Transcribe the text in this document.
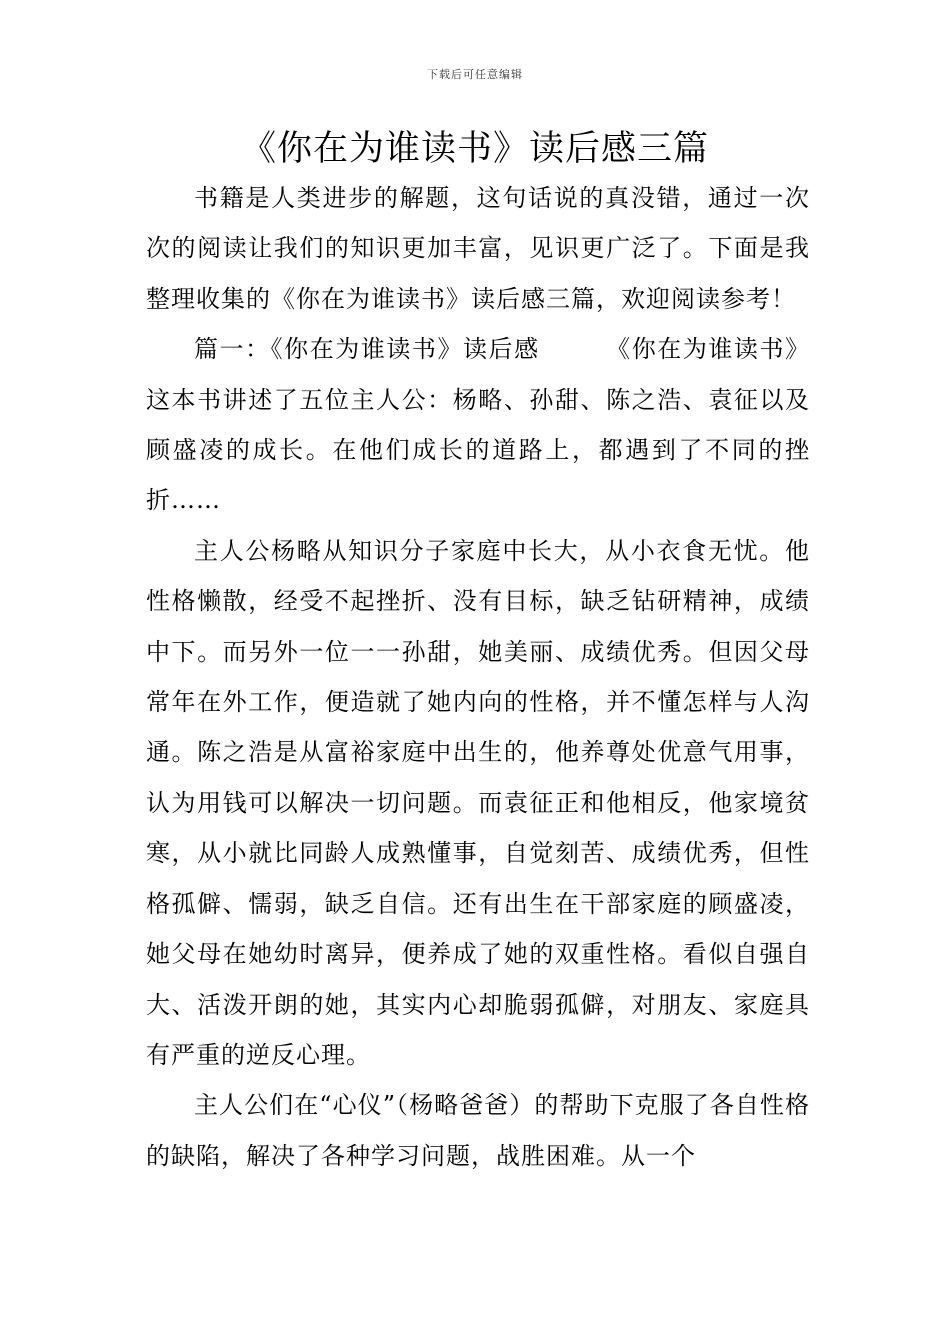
下载后可任意编辑
《你在为谁读书》读后感三篇

书籍是人类进步的解题，这句话说的真没错，通过一次次的阅读让我们的知识更加丰富，见识更广泛了。下面是我整理收集的《你在为谁读书》读后感三篇，欢迎阅读参考！

篇一：《你在为谁读书》读后感	《你在为谁读书》这本书讲述了五位主人公：杨略、孙甜、陈之浩、袁征以及顾盛凌的成长。在他们成长的道路上，都遇到了不同的挫折……

主人公杨略从知识分子家庭中长大，从小衣食无忧。他性格懒散，经受不起挫折、没有目标，缺乏钻研精神，成绩中下。而另外一位一一孙甜，她美丽、成绩优秀。但因父母常年在外工作，便造就了她内向的性格，并不懂怎样与人沟通。陈之浩是从富裕家庭中出生的，他养尊处优意气用事，认为用钱可以解决一切问题。而袁征正和他相反，他家境贫寒，从小就比同龄人成熟懂事，自觉刻苦、成绩优秀，但性格孤僻、懦弱，缺乏自信。还有出生在干部家庭的顾盛凌，她父母在她幼时离异，便养成了她的双重性格。看似自强自大、活泼开朗的她，其实内心却脆弱孤僻，对朋友、家庭具有严重的逆反心理。

主人公们在“心仪”（杨略爸爸）的帮助下克服了各自性格的缺陷，解决了各种学习问题，战胜困难。从一个
